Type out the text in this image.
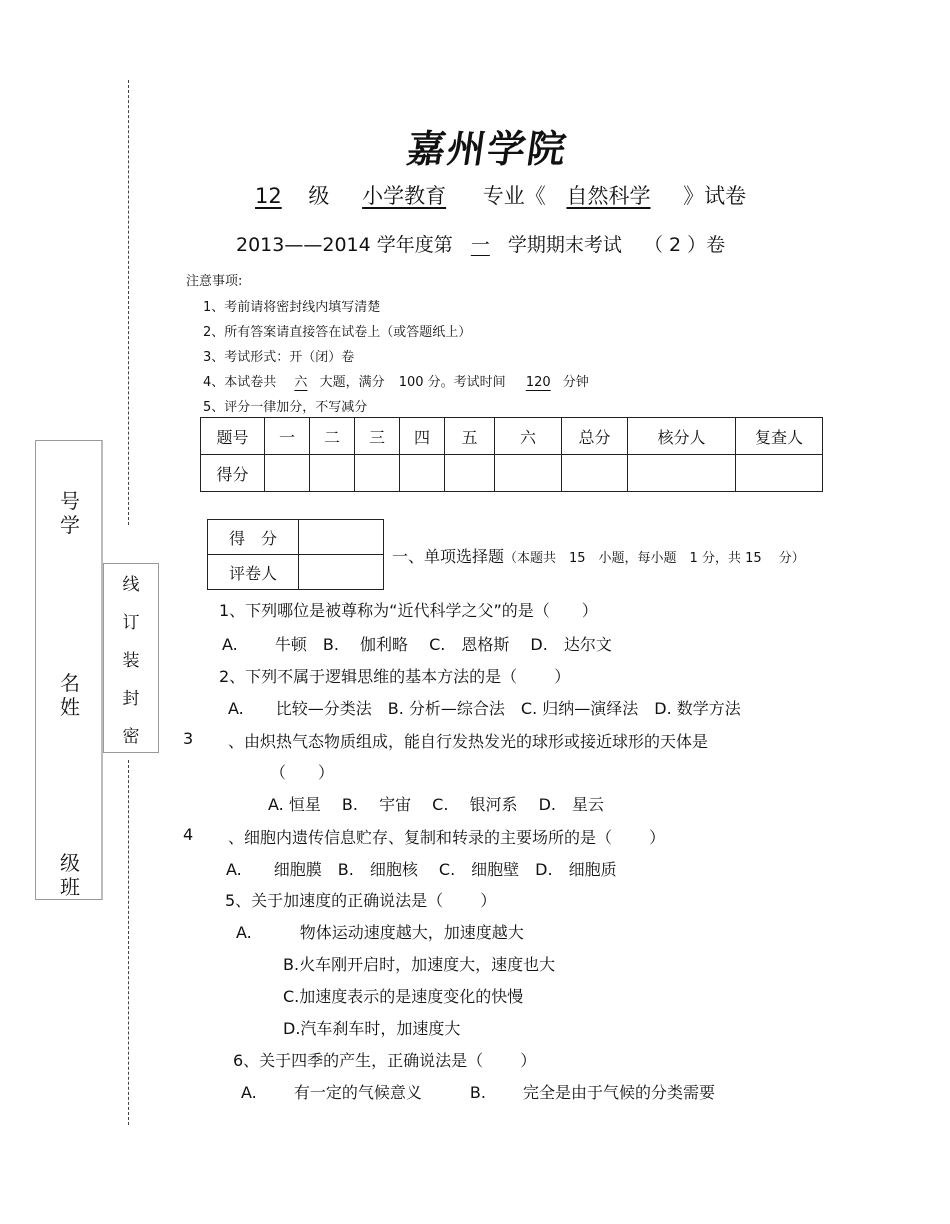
号学
名姓
级班
线
订
装
封
密
嘉州学院
12 级 小学教育 专业《 自然科学 》试卷
2013——2014 学年度第 一 学期期末考试 （ 2 ）卷
注意事项:
1、考前请将密封线内填写清楚
2、所有答案请直接答在试卷上（或答题纸上）
3、考试形式：开（闭）卷
4、本试卷共 六 大题，满分 100 分。考试时间 120 分钟
5、评分一律加分，不写减分
题号	一	二	三	四	五	六	总分	核分人	复查人
得分									
得　分	
评卷人	
一、单项选择题（本题共　15　小题，每小题　1 分，共 15　 分）
1、下列哪位是被尊称为“近代科学之父”的是（　　）
A.　　 牛顿　B.　 伽利略　 C.　恩格斯　 D.　达尔文
2、下列不属于逻辑思维的基本方法的是（　　 ）
A.　　比较—分类法　B. 分析—综合法　C. 归纳—演绎法　D. 数学方法
3 、由炽热气态物质组成，能自行发热发光的球形或接近球形的天体是
（　　）
A. 恒星　 B.　 宇宙　 C.　 银河系　 D.　星云
4 、细胞内遗传信息贮存、复制和转录的主要场所的是（　　 ）
A.　　细胞膜　B.　细胞核　 C.　细胞壁　D.　细胞质
5、关于加速度的正确说法是（　　 ）
A.　　　物体运动速度越大，加速度越大
B.火车刚开启时，加速度大，速度也大
C.加速度表示的是速度变化的快慢
D.汽车刹车时，加速度大
6、关于四季的产生，正确说法是（　　 ）
A.　　 有一定的气候意义　　　B.　　 完全是由于气候的分类需要
